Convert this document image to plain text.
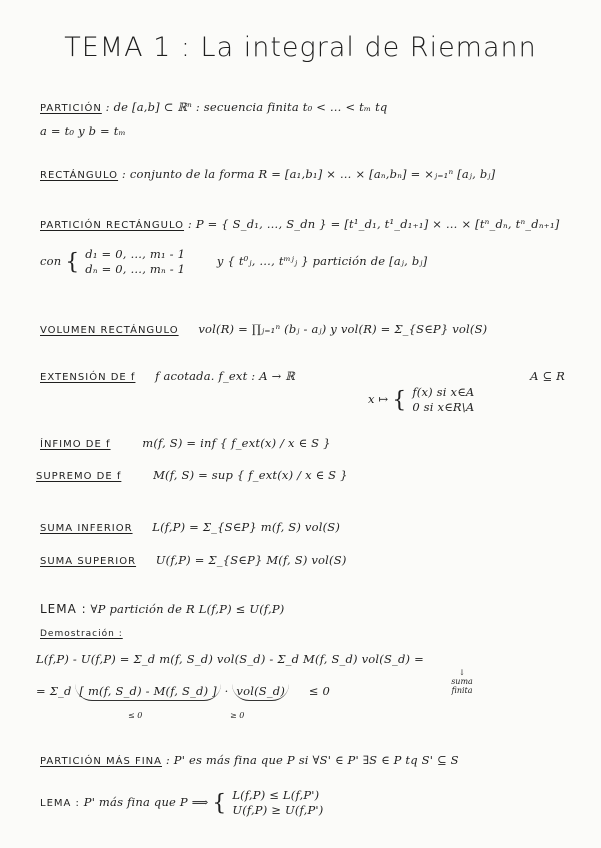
TEMA 1 : La integral de Riemann
PARTICIÓN : de [a,b] ⊂ ℝⁿ : secuencia finita t₀ < … < tₘ tq
a = t₀ y b = tₘ
RECTÁNGULO : conjunto de la forma R = [a₁,b₁] × … × [aₙ,bₙ] = ×ⱼ₌₁ⁿ [aⱼ, bⱼ]
PARTICIÓN RECTÁNGULO : P = { S_d₁, …, S_dn } = [t¹_d₁, t¹_d₁₊₁] × … × [tⁿ_dₙ, tⁿ_dₙ₊₁]
con { d₁ = 0, …, m₁ - 1
dₙ = 0, …, mₙ - 1  y { t⁰ⱼ, …, tᵐʲⱼ } partición de [aⱼ, bⱼ]
VOLUMEN RECTÁNGULO vol(R) = ∏ⱼ₌₁ⁿ (bⱼ - aⱼ) y vol(R) = Σ_{S∈P} vol(S)
EXTENSIÓN DE f f acotada. f_ext : A → ℝ	A ⊆ R
x ↦ { f(x) si x∈A
0 si x∈R\A
ÍNFIMO DE f	m(f, S) = inf { f_ext(x) / x ∈ S }
SUPREMO DE f	M(f, S) = sup { f_ext(x) / x ∈ S }
SUMA INFERIOR L(f,P) = Σ_{S∈P} m(f, S) vol(S)
SUMA SUPERIOR U(f,P) = Σ_{S∈P} M(f, S) vol(S)
LEMA : ∀P partición de R L(f,P) ≤ U(f,P)
Demostración :
L(f,P) - U(f,P) = Σ_d m(f, S_d) vol(S_d) - Σ_d M(f, S_d) vol(S_d) =
= Σ_d [ m(f, S_d) - M(f, S_d) ] · vol(S_d) ≤ 0
≤ 0	≥ 0
↓
suma finita
PARTICIÓN MÁS FINA : P' es más fina que P si ∀S' ∈ P' ∃S ∈ P tq S' ⊆ S
LEMA : P' más fina que P ⟹ { L(f,P) ≤ L(f,P')
U(f,P) ≥ U(f,P')
